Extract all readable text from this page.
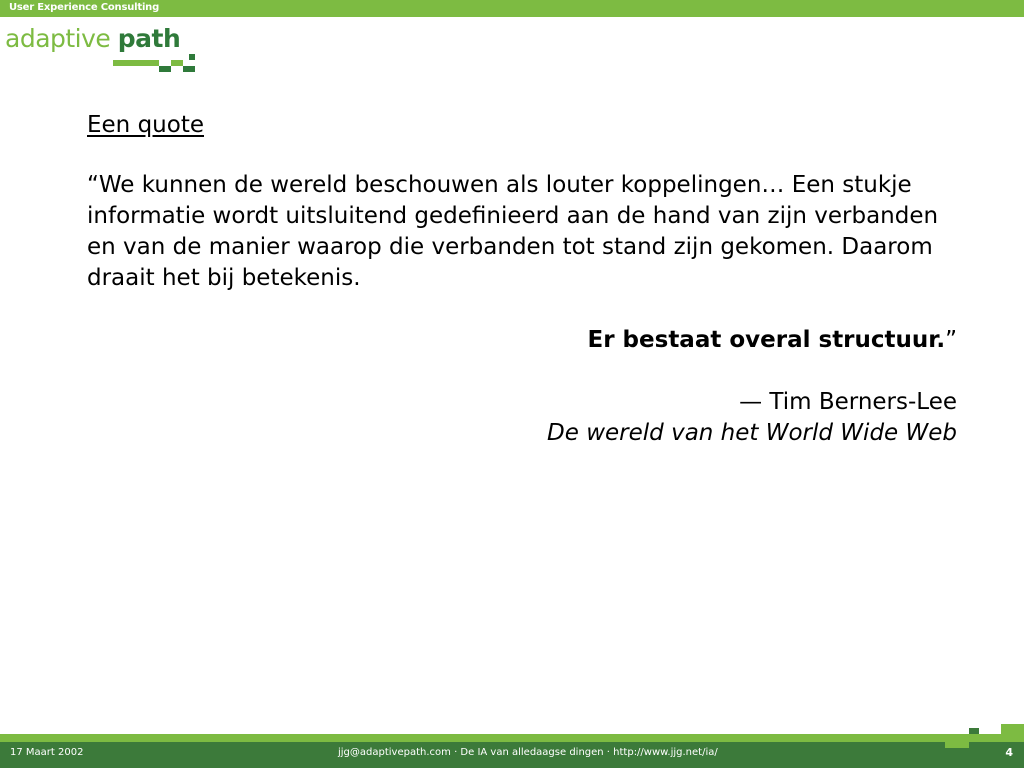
User Experience Consulting
adaptive path
Een quote

“We kunnen de wereld beschouwen als louter koppelingen… Een stukje informatie wordt uitsluitend gedefinieerd aan de hand van zijn verbanden en van de manier waarop die verbanden tot stand zijn gekomen. Daarom draait het bij betekenis.

Er bestaat overal structuur.”

— Tim Berners-Lee
De wereld van het World Wide Web
17 Maart 2002	jjg@adaptivepath.com · De IA van alledaagse dingen · http://www.jjg.net/ia/	4
